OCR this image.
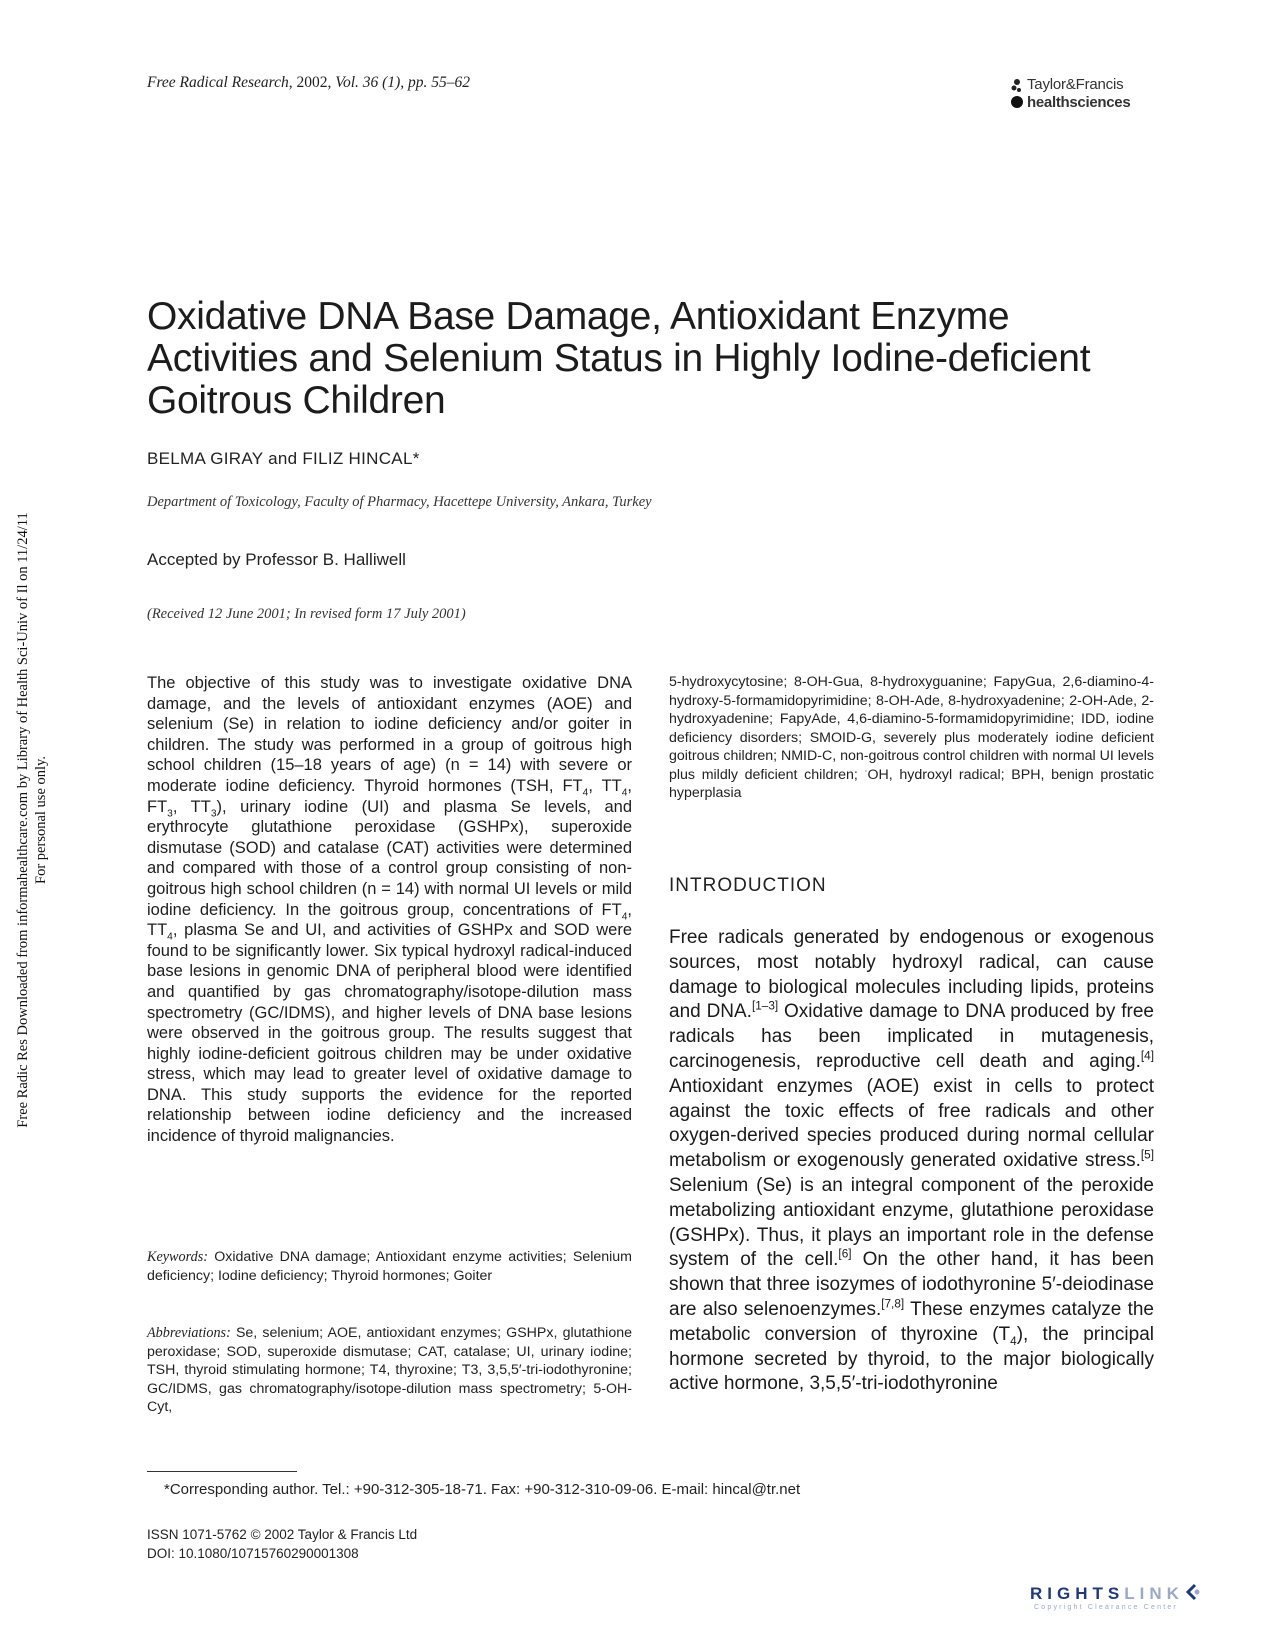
Free Radical Research, 2002, Vol. 36 (1), pp. 55–62	Taylor&Francis
healthsciences
Oxidative DNA Base Damage, Antioxidant Enzyme
Activities and Selenium Status in Highly Iodine-deficient
Goitrous Children
BELMA GIRAY and FILIZ HINCAL*
Department of Toxicology, Faculty of Pharmacy, Hacettepe University, Ankara, Turkey
Accepted by Professor B. Halliwell
(Received 12 June 2001; In revised form 17 July 2001)
The objective of this study was to investigate oxidative DNA damage, and the levels of antioxidant enzymes (AOE) and selenium (Se) in relation to iodine deficiency and/or goiter in children. The study was performed in a group of goitrous high school children (15–18 years of age) (n = 14) with severe or moderate iodine deficiency. Thyroid hormones (TSH, $FT_4$, $TT_4$, $FT_3$, $TT_3$), urinary iodine (UI) and plasma Se levels, and erythrocyte glutathione peroxidase (GSHPx), superoxide dismutase (SOD) and catalase (CAT) activities were determined and compared with those of a control group consisting of non-goitrous high school children (n = 14) with normal UI levels or mild iodine deficiency. In the goitrous group, concentrations of $FT_4$, $TT_4$, plasma Se and UI, and activities of GSHPx and SOD were found to be significantly lower. Six typical hydroxyl radical-induced base lesions in genomic DNA of peripheral blood were identified and quantified by gas chromatography/isotope-dilution mass spectrometry (GC/IDMS), and higher levels of DNA base lesions were observed in the goitrous group. The results suggest that highly iodine-deficient goitrous children may be under oxidative stress, which may lead to greater level of oxidative damage to DNA. This study supports the evidence for the reported relationship between iodine deficiency and the increased incidence of thyroid malignancies.
Keywords: Oxidative DNA damage; Antioxidant enzyme activities; Selenium deficiency; Iodine deficiency; Thyroid hormones; Goiter
Abbreviations: Se, selenium; AOE, antioxidant enzymes; GSHPx, glutathione peroxidase; SOD, superoxide dismutase; CAT, catalase; UI, urinary iodine; TSH, thyroid stimulating hormone; T4, thyroxine; T3, 3,5,5′-tri-iodothyronine; GC/IDMS, gas chromatography/isotope-dilution mass spectrometry; 5-OH-Cyt,
5-hydroxycytosine; 8-OH-Gua, 8-hydroxyguanine; FapyGua, 2,6-diamino-4-hydroxy-5-formamidopyrimidine; 8-OH-Ade, 8-hydroxyadenine; 2-OH-Ade, 2-hydroxyadenine; FapyAde, 4,6-diamino-5-formamidopyrimidine; IDD, iodine deficiency disorders; SMOID-G, severely plus moderately iodine deficient goitrous children; NMID-C, non-goitrous control children with normal UI levels plus mildly deficient children; ·OH, hydroxyl radical; BPH, benign prostatic hyperplasia
INTRODUCTION
Free radicals generated by endogenous or exogenous sources, most notably hydroxyl radical, can cause damage to biological molecules including lipids, proteins and DNA.[1–3] Oxidative damage to DNA produced by free radicals has been implicated in mutagenesis, carcinogenesis, reproductive cell death and aging.[4] Antioxidant enzymes (AOE) exist in cells to protect against the toxic effects of free radicals and other oxygen-derived species produced during normal cellular metabolism or exogenously generated oxidative stress.[5] Selenium (Se) is an integral component of the peroxide metabolizing antioxidant enzyme, glutathione peroxidase (GSHPx). Thus, it plays an important role in the defense system of the cell.[6] On the other hand, it has been shown that three isozymes of iodothyronine 5′-deiodinase are also selenoenzymes.[7,8] These enzymes catalyze the metabolic conversion of thyroxine $(T_4)$, the principal hormone secreted by thyroid, to the major biologically active hormone, 3,5,5′-tri-iodothyronine
*Corresponding author. Tel.: +90-312-305-18-71. Fax: +90-312-310-09-06. E-mail: hincal@tr.net
ISSN 1071-5762 © 2002 Taylor & Francis Ltd
DOI: 10.1080/10715760290001308
Free Radic Res Downloaded from informahealthcare.com by Library of Health Sci-Univ of Il on 11/24/11 For personal use only.
RIGHTSLINK
Copyright Clearance Center
